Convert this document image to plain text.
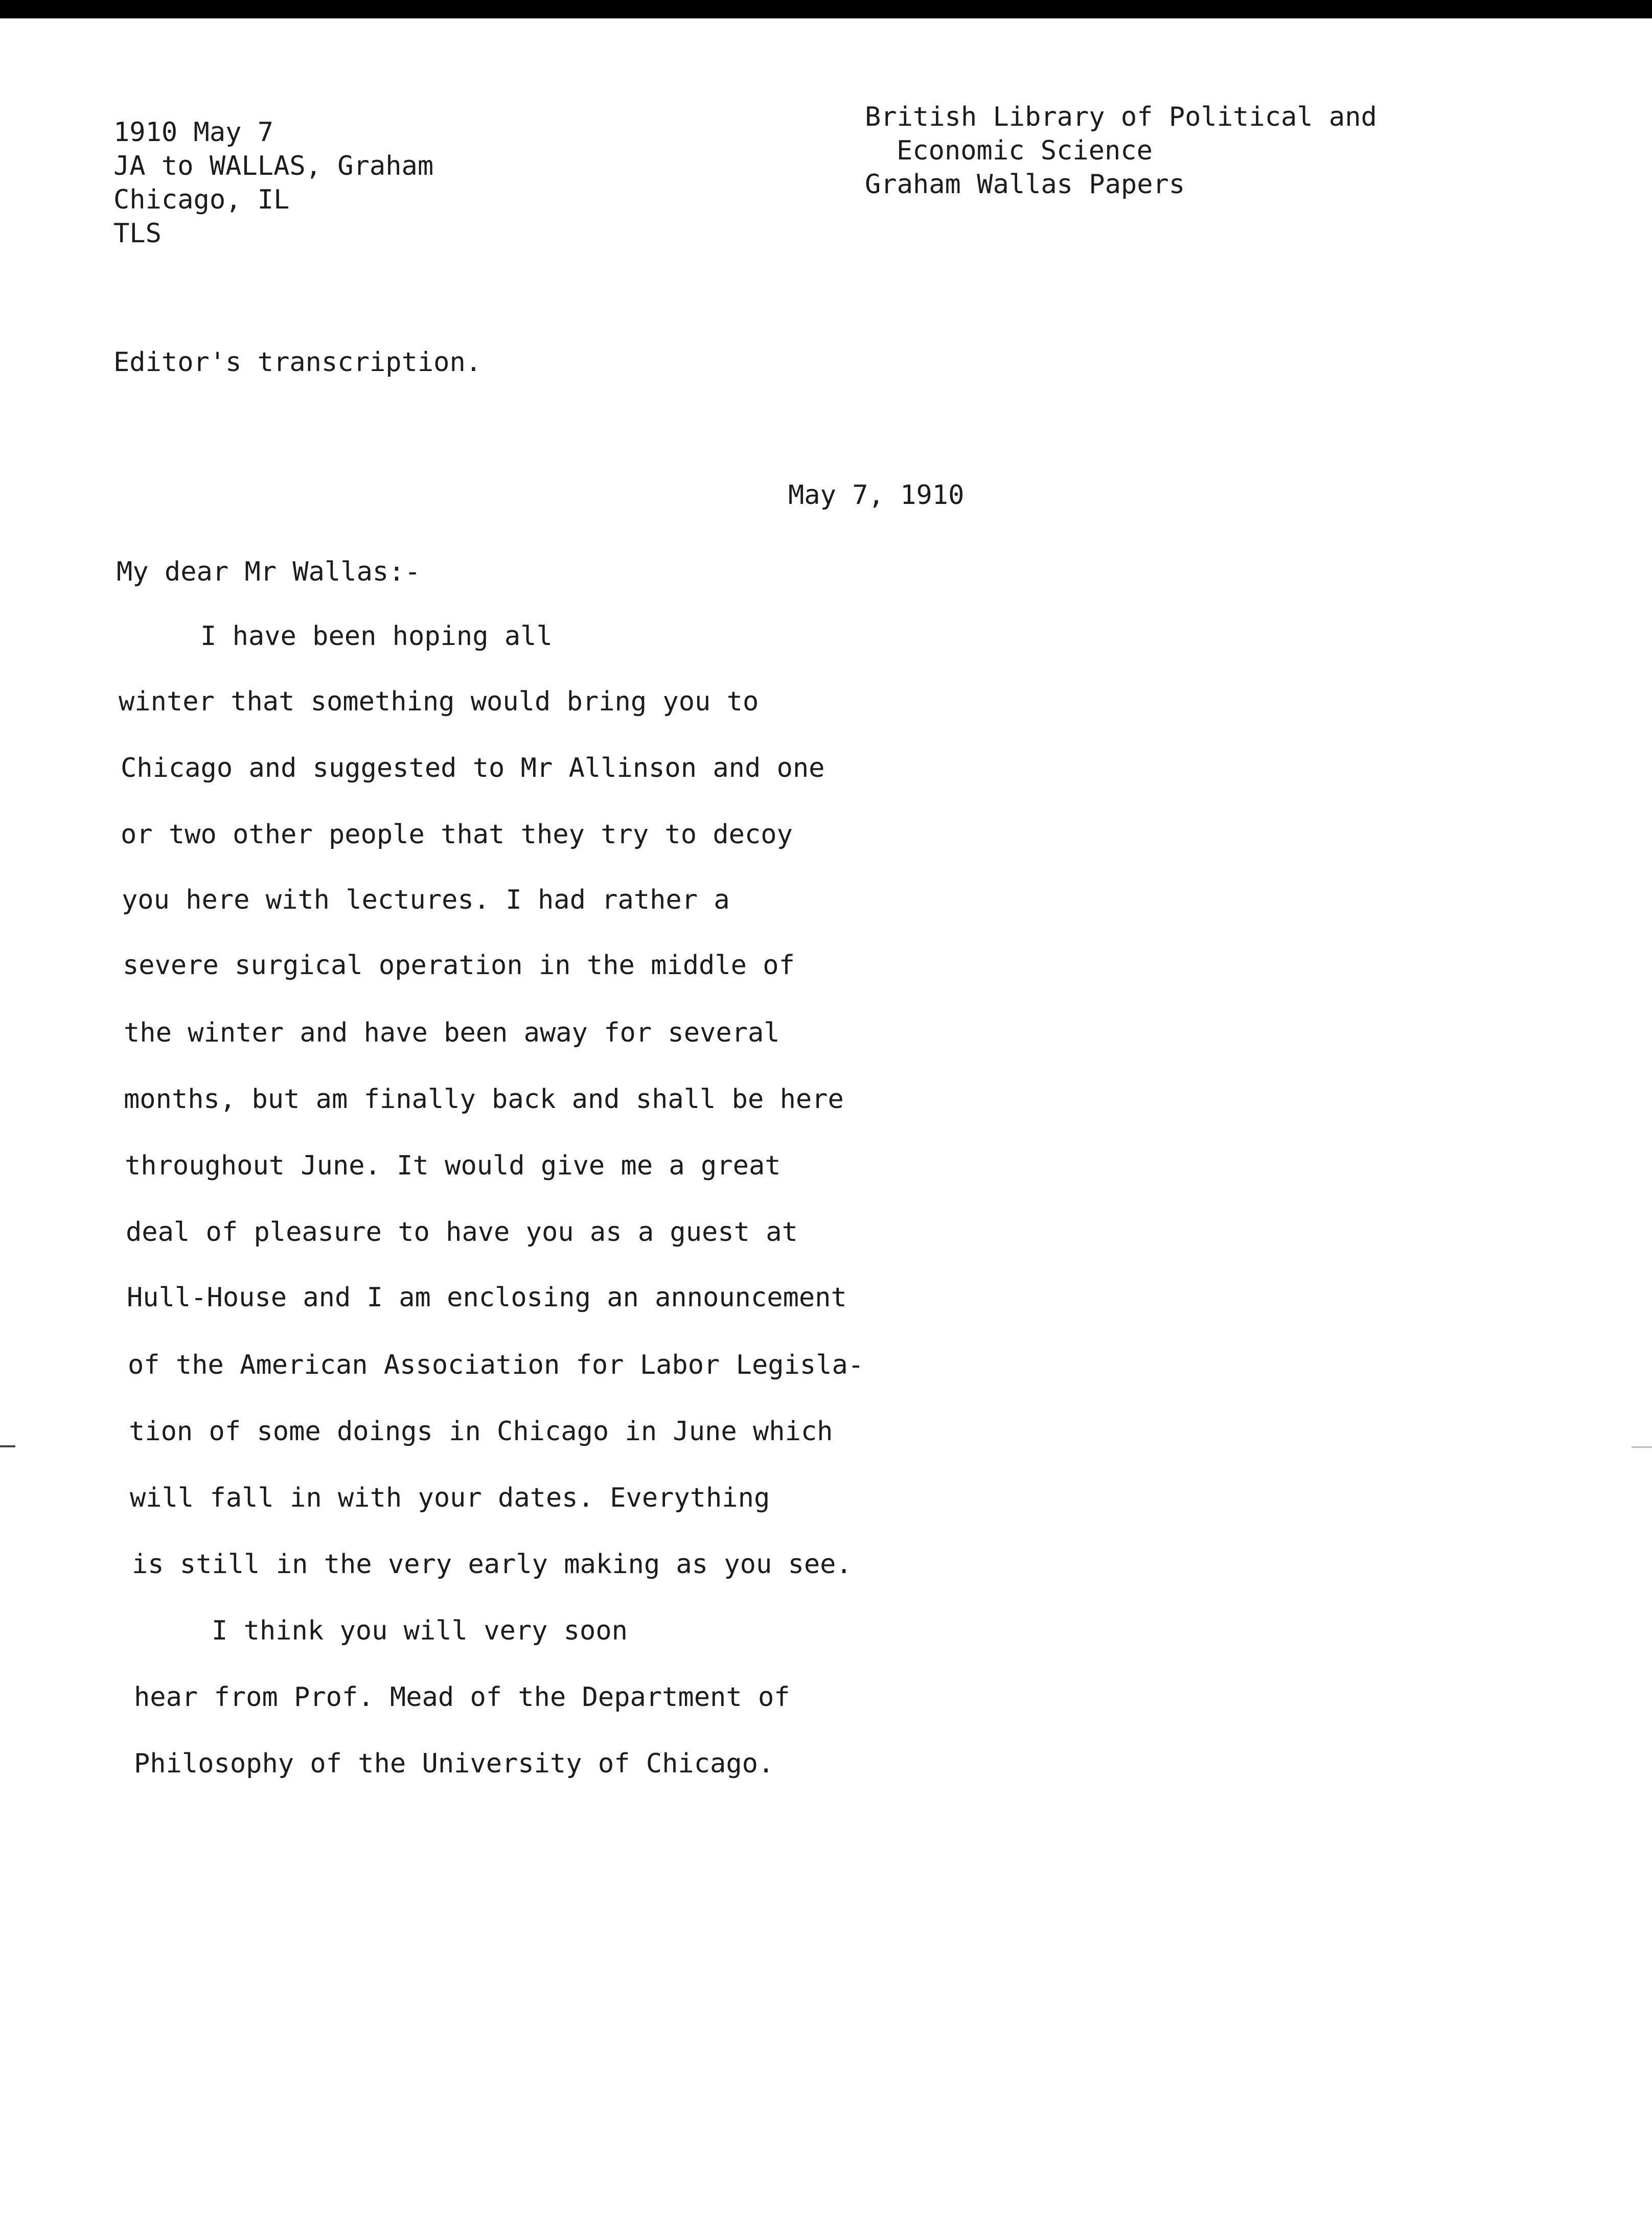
1910 May 7
JA to WALLAS, Graham
Chicago, IL
TLS
British Library of Political and
Economic Science
Graham Wallas Papers
Editor's transcription.
May 7, 1910
My dear Mr Wallas:-
I have been hoping all
winter that something would bring you to
Chicago and suggested to Mr Allinson and one
or two other people that they try to decoy
you here with lectures. I had rather a
severe surgical operation in the middle of
the winter and have been away for several
months, but am finally back and shall be here
throughout June. It would give me a great
deal of pleasure to have you as a guest at
Hull-House and I am enclosing an announcement
of the American Association for Labor Legisla-
tion of some doings in Chicago in June which
will fall in with your dates. Everything
is still in the very early making as you see.
I think you will very soon
hear from Prof. Mead of the Department of
Philosophy of the University of Chicago.
